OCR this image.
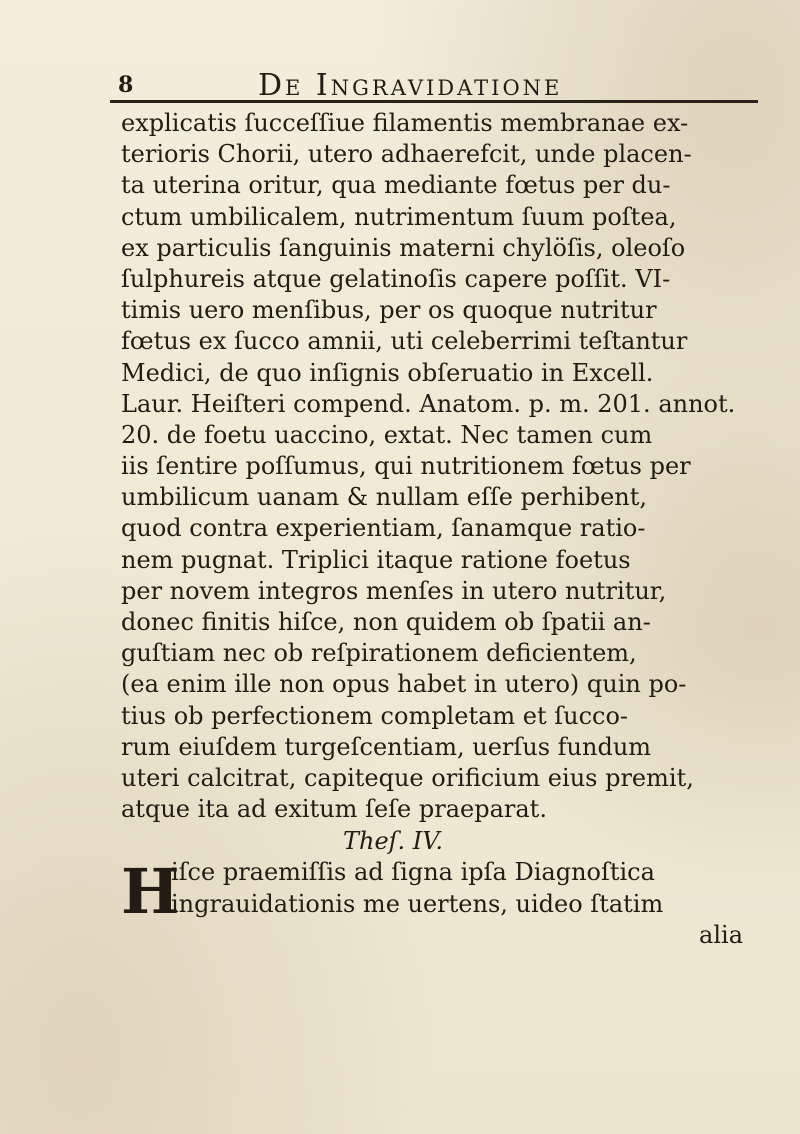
8	De Ingravidatione
explicatis ſucceſſiue filamentis membranae ex-
terioris Chorii, utero adhaerefcit, unde placen-
ta uterina oritur, qua mediante fœtus per du-
ctum umbilicalem, nutrimentum ſuum poſtea,
ex particulis ſanguinis materni chylöſis, oleoſo
ſulphureis atque gelatinoſis capere poſſit. VI-
timis uero menſibus, per os quoque nutritur
fœtus ex ſucco amnii, uti celeberrimi teſtantur
Medici, de quo inſignis obſeruatio in Excell.
Laur. Heiſteri compend. Anatom. p. m. 201. annot.
20. de foetu uaccino, extat. Nec tamen cum
iis ſentire poſſumus, qui nutritionem fœtus per
umbilicum uanam & nullam eſſe perhibent,
quod contra experientiam, ſanamque ratio-
nem pugnat. Triplici itaque ratione foetus
per novem integros menſes in utero nutritur,
donec finitis hiſce, non quidem ob ſpatii an-
guſtiam nec ob reſpirationem deficientem,
(ea enim ille non opus habet in utero) quin po-
tius ob perfectionem completam et ſucco-
rum eiuſdem turgeſcentiam, uerſus fundum
uteri calcitrat, capiteque orificium eius premit,
atque ita ad exitum ſeſe praeparat.
Theſ. IV.
H
iſce praemiſſis ad ſigna ipſa Diagnoſtica
ingrauidationis me uertens, uideo ſtatim
alia
